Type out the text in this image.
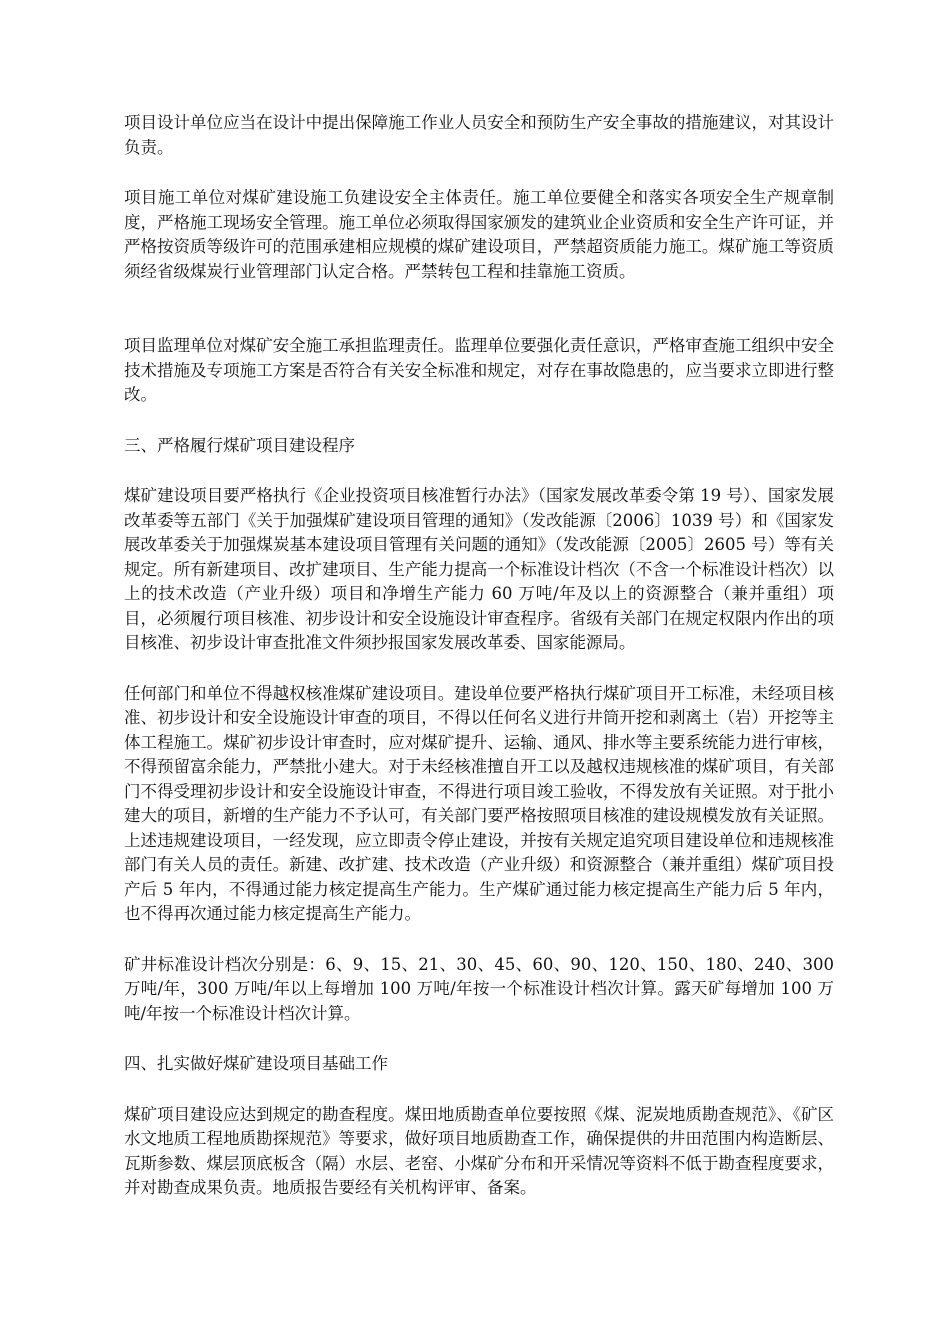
项目设计单位应当在设计中提出保障施工作业人员安全和预防生产安全事故的措施建议，对其设计负责。

项目施工单位对煤矿建设施工负建设安全主体责任。施工单位要健全和落实各项安全生产规章制度，严格施工现场安全管理。施工单位必须取得国家颁发的建筑业企业资质和安全生产许可证，并严格按资质等级许可的范围承建相应规模的煤矿建设项目，严禁超资质能力施工。煤矿施工等资质须经省级煤炭行业管理部门认定合格。严禁转包工程和挂靠施工资质。

项目监理单位对煤矿安全施工承担监理责任。监理单位要强化责任意识，严格审查施工组织中安全技术措施及专项施工方案是否符合有关安全标准和规定，对存在事故隐患的，应当要求立即进行整改。

三、严格履行煤矿项目建设程序

煤矿建设项目要严格执行《企业投资项目核准暂行办法》（国家发展改革委令第 19 号）、国家发展改革委等五部门《关于加强煤矿建设项目管理的通知》（发改能源〔2006〕1039 号）和《国家发展改革委关于加强煤炭基本建设项目管理有关问题的通知》（发改能源〔2005〕2605 号）等有关规定。所有新建项目、改扩建项目、生产能力提高一个标准设计档次（不含一个标准设计档次）以上的技术改造（产业升级）项目和净增生产能力 60 万吨/年及以上的资源整合（兼并重组）项目，必须履行项目核准、初步设计和安全设施设计审查程序。省级有关部门在规定权限内作出的项目核准、初步设计审查批准文件须抄报国家发展改革委、国家能源局。

任何部门和单位不得越权核准煤矿建设项目。建设单位要严格执行煤矿项目开工标准，未经项目核准、初步设计和安全设施设计审查的项目，不得以任何名义进行井筒开挖和剥离土（岩）开挖等主体工程施工。煤矿初步设计审查时，应对煤矿提升、运输、通风、排水等主要系统能力进行审核，不得预留富余能力，严禁批小建大。对于未经核准擅自开工以及越权违规核准的煤矿项目，有关部门不得受理初步设计和安全设施设计审查，不得进行项目竣工验收，不得发放有关证照。对于批小建大的项目，新增的生产能力不予认可，有关部门要严格按照项目核准的建设规模发放有关证照。上述违规建设项目，一经发现，应立即责令停止建设，并按有关规定追究项目建设单位和违规核准部门有关人员的责任。新建、改扩建、技术改造（产业升级）和资源整合（兼并重组）煤矿项目投产后 5 年内，不得通过能力核定提高生产能力。生产煤矿通过能力核定提高生产能力后 5 年内，也不得再次通过能力核定提高生产能力。

矿井标准设计档次分别是：6、9、15、21、30、45、60、90、120、150、180、240、300 万吨/年，300 万吨/年以上每增加 100 万吨/年按一个标准设计档次计算。露天矿每增加 100 万吨/年按一个标准设计档次计算。

四、扎实做好煤矿建设项目基础工作

煤矿项目建设应达到规定的勘查程度。煤田地质勘查单位要按照《煤、泥炭地质勘查规范》、《矿区水文地质工程地质勘探规范》等要求，做好项目地质勘查工作，确保提供的井田范围内构造断层、瓦斯参数、煤层顶底板含（隔）水层、老窑、小煤矿分布和开采情况等资料不低于勘查程度要求，并对勘查成果负责。地质报告要经有关机构评审、备案。
